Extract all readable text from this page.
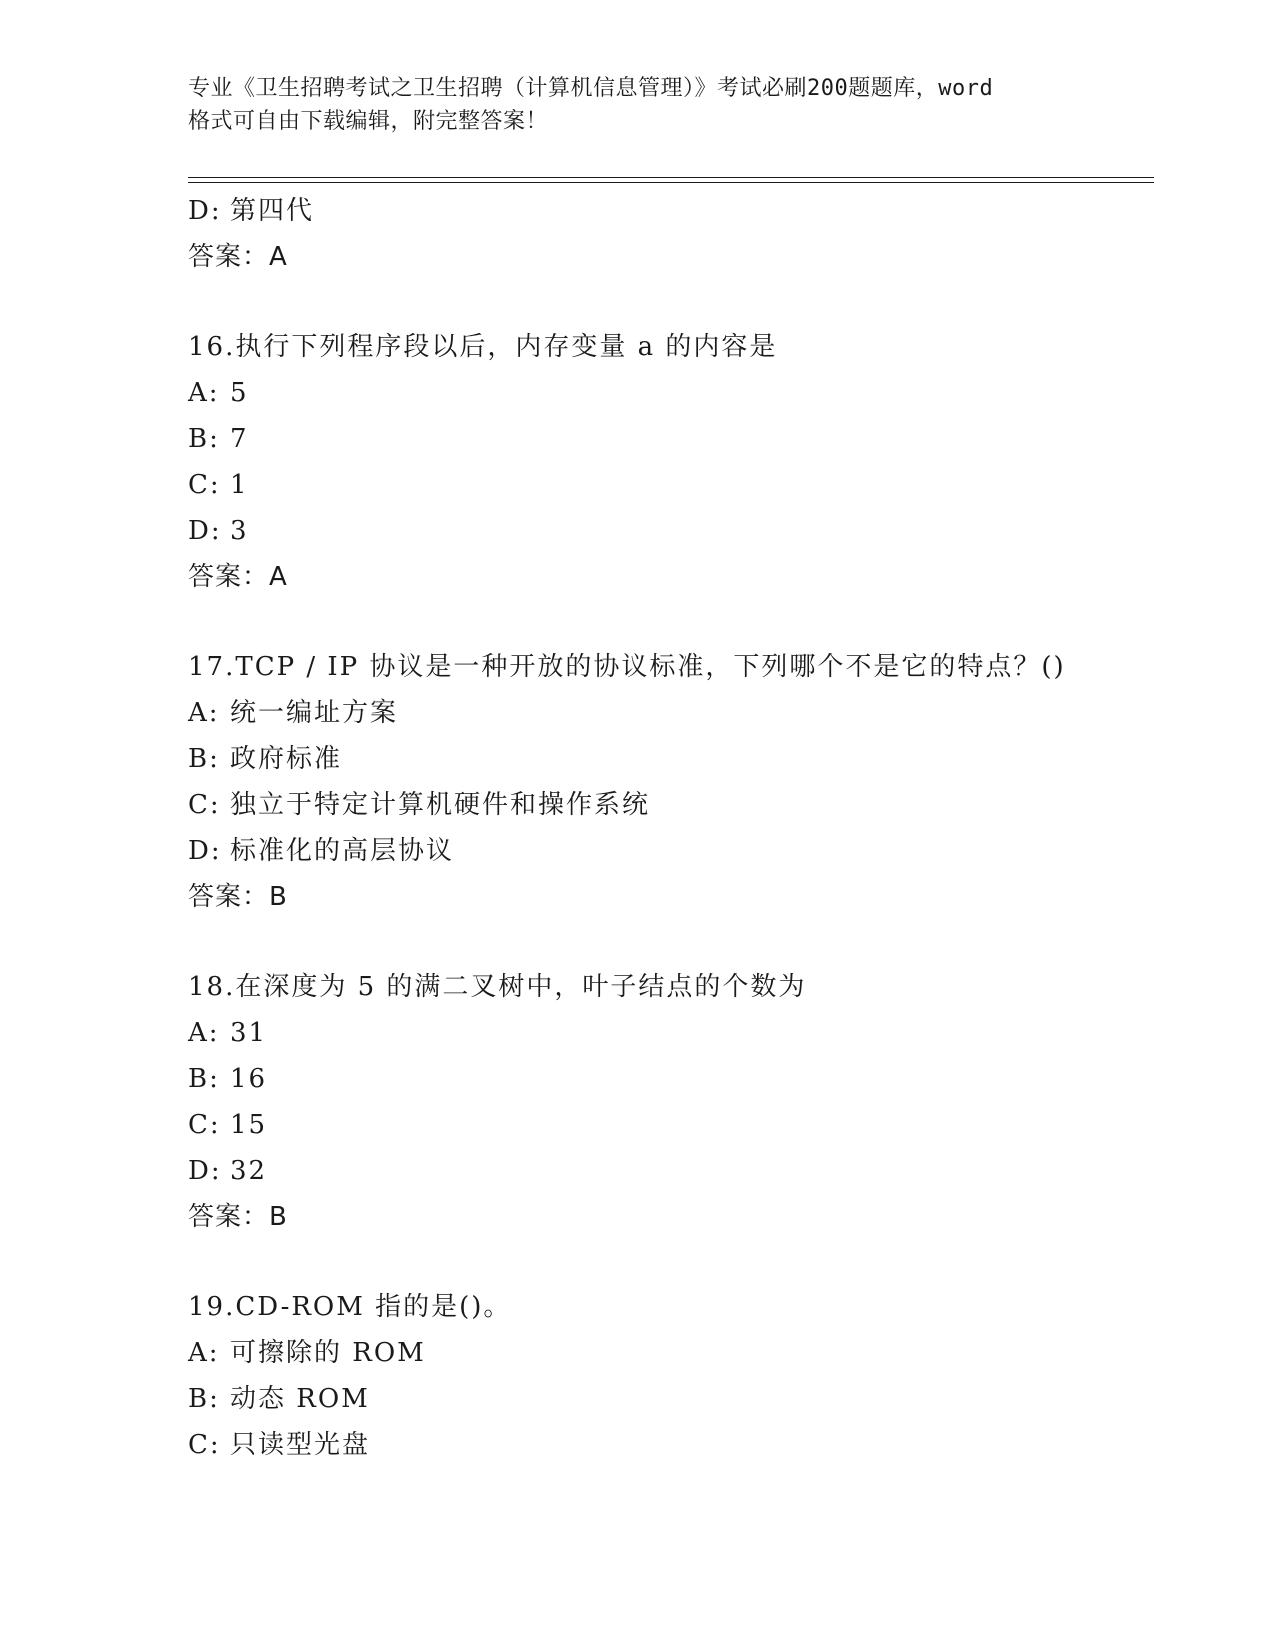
专业《卫生招聘考试之卫生招聘（计算机信息管理）》考试必刷200题题库，word
格式可自由下载编辑，附完整答案！
D: 第四代
答案：A
16.执行下列程序段以后，内存变量 a 的内容是
A: 5
B: 7
C: 1
D: 3
答案：A
17.TCP / IP 协议是一种开放的协议标准，下列哪个不是它的特点？()
A: 统一编址方案
B: 政府标准
C: 独立于特定计算机硬件和操作系统
D: 标准化的高层协议
答案：B
18.在深度为 5 的满二叉树中，叶子结点的个数为
A: 31
B: 16
C: 15
D: 32
答案：B
19.CD-ROM 指的是()。
A: 可擦除的 ROM
B: 动态 ROM
C: 只读型光盘
